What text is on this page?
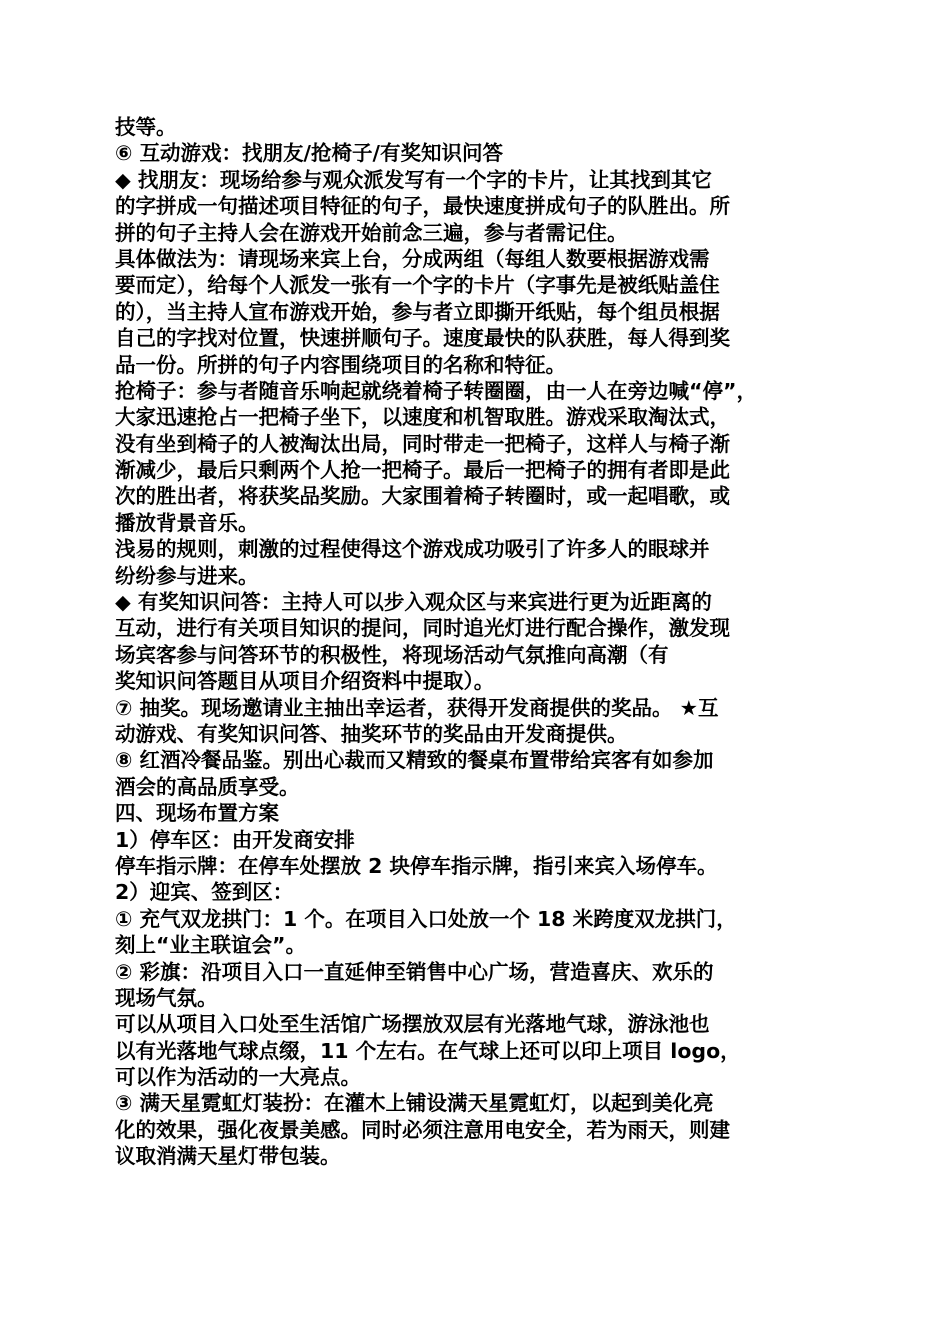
技等。
⑥ 互动游戏：找朋友/抢椅子/有奖知识问答
◆ 找朋友：现场给参与观众派发写有一个字的卡片，让其找到其它
的字拼成一句描述项目特征的句子，最快速度拼成句子的队胜出。所
拼的句子主持人会在游戏开始前念三遍，参与者需记住。
具体做法为：请现场来宾上台，分成两组（每组人数要根据游戏需
要而定），给每个人派发一张有一个字的卡片（字事先是被纸贴盖住
的），当主持人宣布游戏开始，参与者立即撕开纸贴，每个组员根据
自己的字找对位置，快速拼顺句子。速度最快的队获胜，每人得到奖
品一份。所拼的句子内容围绕项目的名称和特征。
抢椅子：参与者随音乐响起就绕着椅子转圈圈，由一人在旁边喊“停”，
大家迅速抢占一把椅子坐下，以速度和机智取胜。游戏采取淘汰式，
没有坐到椅子的人被淘汰出局，同时带走一把椅子，这样人与椅子渐
渐减少，最后只剩两个人抢一把椅子。最后一把椅子的拥有者即是此
次的胜出者，将获奖品奖励。大家围着椅子转圈时，或一起唱歌，或
播放背景音乐。
浅易的规则，刺激的过程使得这个游戏成功吸引了许多人的眼球并
纷纷参与进来。
◆ 有奖知识问答：主持人可以步入观众区与来宾进行更为近距离的
互动，进行有关项目知识的提问，同时追光灯进行配合操作，激发现
场宾客参与问答环节的积极性，将现场活动气氛推向高潮（有
奖知识问答题目从项目介绍资料中提取）。
⑦ 抽奖。现场邀请业主抽出幸运者，获得开发商提供的奖品。 ★互
动游戏、有奖知识问答、抽奖环节的奖品由开发商提供。
⑧ 红酒冷餐品鉴。别出心裁而又精致的餐桌布置带给宾客有如参加
酒会的高品质享受。
四、现场布置方案
1）停车区：由开发商安排
停车指示牌：在停车处摆放 2 块停车指示牌，指引来宾入场停车。
2）迎宾、签到区：
① 充气双龙拱门：1 个。在项目入口处放一个 18 米跨度双龙拱门，
刻上“业主联谊会”。
② 彩旗：沿项目入口一直延伸至销售中心广场，营造喜庆、欢乐的
现场气氛。
可以从项目入口处至生活馆广场摆放双层有光落地气球，游泳池也
以有光落地气球点缀，11 个左右。在气球上还可以印上项目 logo，
可以作为活动的一大亮点。
③ 满天星霓虹灯装扮：在灌木上铺设满天星霓虹灯，以起到美化亮
化的效果，强化夜景美感。同时必须注意用电安全，若为雨天，则建
议取消满天星灯带包装。
